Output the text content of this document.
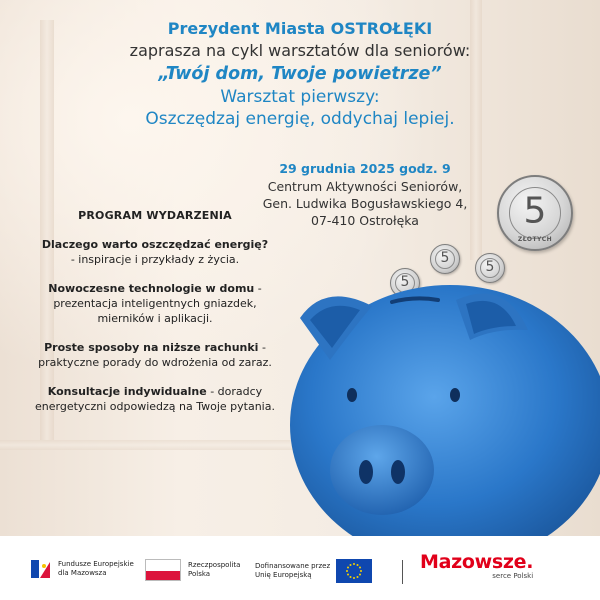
Prezydent Miasta OSTROŁĘKI
zaprasza na cykl warsztatów dla seniorów:
„Twój dom, Twoje powietrze”
Warsztat pierwszy:
Oszczędzaj energię, oddychaj lepiej.
29 grudnia 2025 godz. 9
Centrum Aktywności Seniorów,
Gen. Ludwika Bogusławskiego 4,
07-410 Ostrołęka
PROGRAM WYDARZENIA
Dlaczego warto oszczędzać energię?
- inspiracje i przykłady z życia.
Nowoczesne technologie w domu - prezentacja inteligentnych gniazdek, mierników i aplikacji.
Proste sposoby na niższe rachunki - praktyczne porady do wdrożenia od zaraz.
Konsultacje indywidualne - doradcy energetyczni odpowiedzą na Twoje pytania.
5
ZŁOTYCH
5
5
5
Fundusze Europejskie
dla Mazowsza
Rzeczpospolita
Polska
Dofinansowane przez
Unię Europejską
Mazowsze.
serce Polski
